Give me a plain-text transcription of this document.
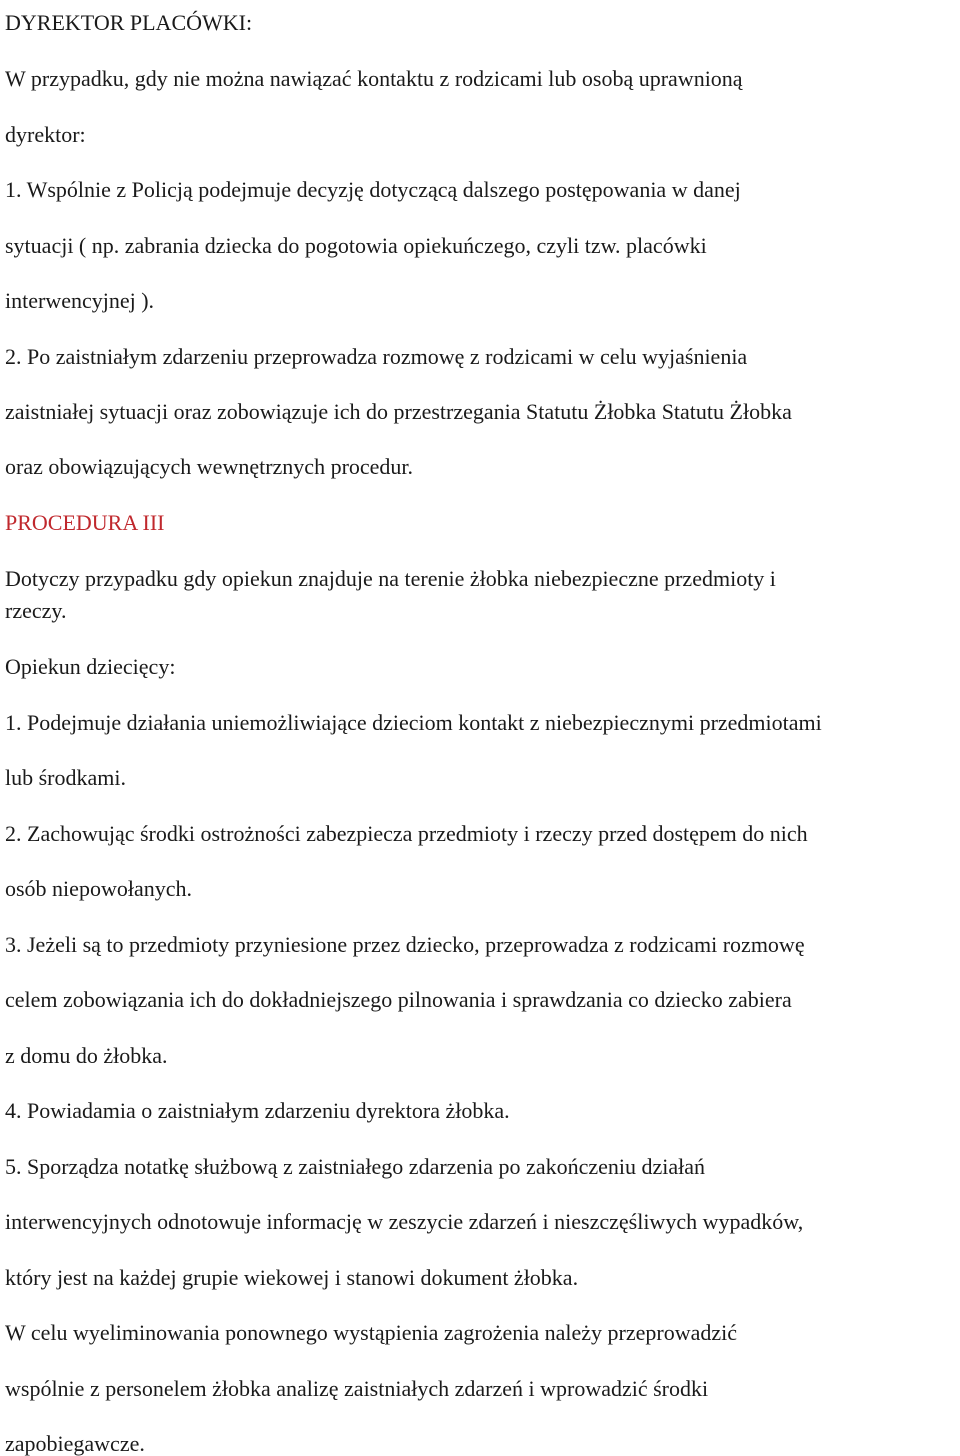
DYREKTOR PLACÓWKI:
W przypadku, gdy nie można nawiązać kontaktu z rodzicami lub osobą uprawnioną
dyrektor:
1. Wspólnie z Policją podejmuje decyzję dotyczącą dalszego postępowania w danej
sytuacji ( np. zabrania dziecka do pogotowia opiekuńczego, czyli tzw. placówki
interwencyjnej ).
2. Po zaistniałym zdarzeniu przeprowadza rozmowę z rodzicami w celu wyjaśnienia
zaistniałej sytuacji oraz zobowiązuje ich do przestrzegania Statutu Żłobka Statutu Żłobka
oraz obowiązujących wewnętrznych procedur.
PROCEDURA III
Dotyczy przypadku gdy opiekun znajduje na terenie żłobka niebezpieczne przedmioty i
rzeczy.
Opiekun dziecięcy:
1. Podejmuje działania uniemożliwiające dzieciom kontakt z niebezpiecznymi przedmiotami
lub środkami.
2. Zachowując środki ostrożności zabezpiecza przedmioty i rzeczy przed dostępem do nich
osób niepowołanych.
3. Jeżeli są to przedmioty przyniesione przez dziecko, przeprowadza z rodzicami rozmowę
celem zobowiązania ich do dokładniejszego pilnowania i sprawdzania co dziecko zabiera
z domu do żłobka.
4. Powiadamia o zaistniałym zdarzeniu dyrektora żłobka.
5. Sporządza notatkę służbową z zaistniałego zdarzenia po zakończeniu działań
interwencyjnych odnotowuje informację w zeszycie zdarzeń i nieszczęśliwych wypadków,
który jest na każdej grupie wiekowej i stanowi dokument żłobka.
W celu wyeliminowania ponownego wystąpienia zagrożenia należy przeprowadzić
wspólnie z personelem żłobka analizę zaistniałych zdarzeń i wprowadzić środki
zapobiegawcze.
